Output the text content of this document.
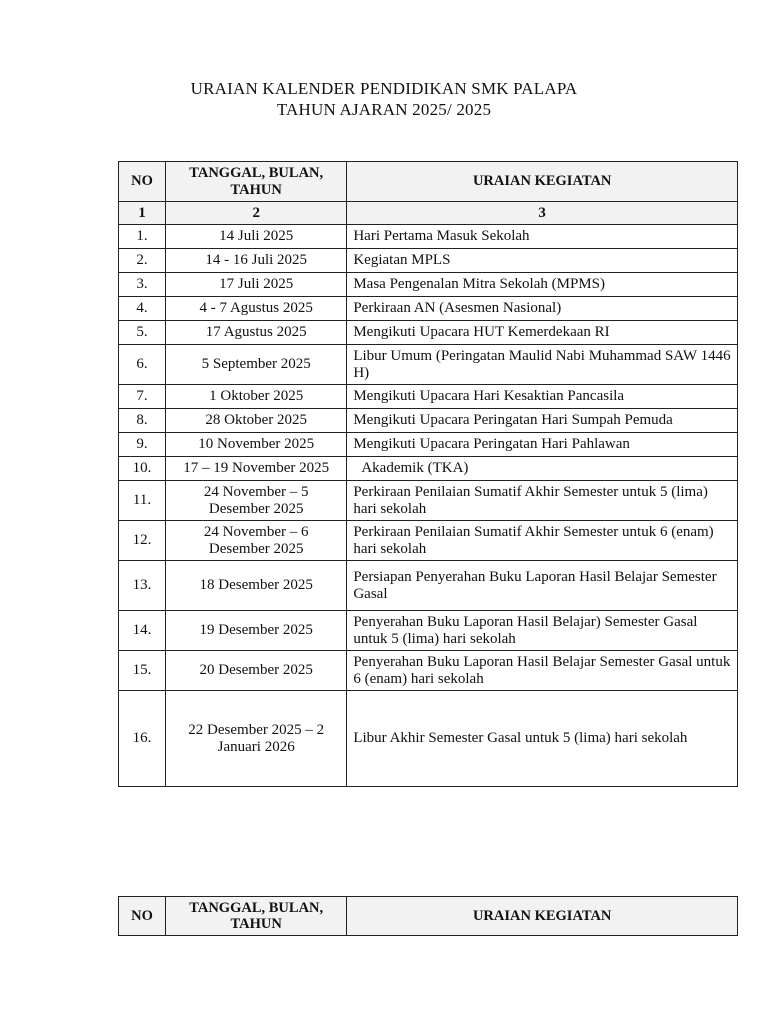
URAIAN KALENDER PENDIDIKAN SMK PALAPA
TAHUN AJARAN 2025/ 2025
NO	TANGGAL, BULAN, TAHUN	URAIAN KEGIATAN
1	2	3
1.	14 Juli 2025	Hari Pertama Masuk Sekolah
2.	14 - 16 Juli 2025	Kegiatan MPLS
3.	17 Juli 2025	Masa Pengenalan Mitra Sekolah (MPMS)
4.	4 - 7 Agustus 2025	Perkiraan AN (Asesmen Nasional)
5.	17 Agustus 2025	Mengikuti Upacara HUT Kemerdekaan RI
6.	5 September 2025	Libur Umum (Peringatan Maulid Nabi Muhammad SAW 1446 H)
7.	1 Oktober 2025	Mengikuti Upacara Hari Kesaktian Pancasila
8.	28 Oktober 2025	Mengikuti Upacara Peringatan Hari Sumpah Pemuda
9.	10 November 2025	Mengikuti Upacara Peringatan Hari Pahlawan
10.	17 – 19 November 2025	Akademik (TKA)
11.	24 November – 5 Desember 2025	Perkiraan Penilaian Sumatif Akhir Semester untuk 5 (lima) hari sekolah
12.	24 November – 6 Desember 2025	Perkiraan Penilaian Sumatif Akhir Semester untuk 6 (enam) hari sekolah
13.	18 Desember 2025	Persiapan Penyerahan Buku Laporan Hasil Belajar Semester Gasal
14.	19 Desember 2025	Penyerahan Buku Laporan Hasil Belajar) Semester Gasal untuk 5 (lima) hari sekolah
15.	20 Desember 2025	Penyerahan Buku Laporan Hasil Belajar Semester Gasal untuk 6 (enam) hari sekolah
16.	22 Desember 2025 – 2 Januari 2026	Libur Akhir Semester Gasal untuk 5 (lima) hari sekolah
NO	TANGGAL, BULAN, TAHUN	URAIAN KEGIATAN
